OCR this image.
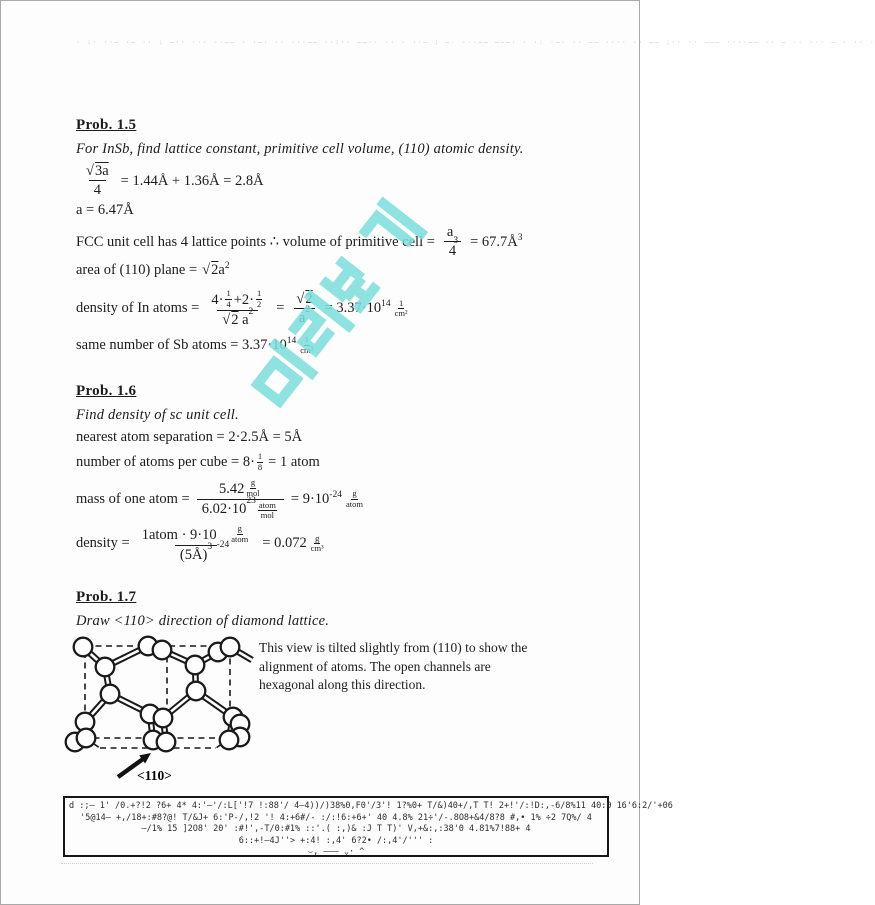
· :· ··– ·– ·· : –·· ··· ··–– · ·—· ·· ···–– ··:·· ––·· ·· · ··– : –· ···—— ——–· · ·: ·–· ·· –– ···· ·· –– :·· ·· ––– ····–– ·· – ·· ··· – · ·· ·
Prob. 1.5
For InSb, find lattice constant, primitive cell volume, (110) atomic density.
$\frac{√ 3a}{4}$ = 1.44Å + 1.36Å = 2.8Å
a = 6.47Å
FCC unit cell has 4 lattice points ∴ volume of primitive cell = a
3
$4 = 67.7Å^3$
area of (110) plane = $√2a^2$
density of In atoms = 4· 1
4 +2· 1
2
√ 2 a $2 = \frac{√ 2}{a 2} = 3.37\cdot 10^{14}$ 1
cm²
same number of Sb atoms = $3.37\cdot 10^{14}$ 1
cm²
Prob. 1.6
Find density of sc unit cell.
nearest atom separation = 2·2.5Å = 5Å
number of atoms per cube = $8\cdot \frac{1}{8} = 1$ atom
mass of one atom = 5.42 g
mol
6.02·10 23 atom
mol = $9\cdot 10^{-24}$ g
atom
density = 1atom · 9·10
-24
g
atom
(5Å) 3 = 0.072 g
cm³
Prob. 1.7
Draw <110> direction of diamond lattice.
<110>
This view is tilted slightly from (110) to show the
alignment of atoms. The open channels are
hexagonal along this direction.
d :;— 1' /0.+?!2 ?6+ 4* 4:'—'/:L['!7 !:88'/ 4—4))/)38%0,F0'/3'! 1?%0+ T/&)40+/,T T! 2+!'/:!D:,-6/8%11 40:0 16'6:2/'+06
'5@14— +,/18+:#8?@! T/&J+ 6:'P-/,!2 '! 4:+6#/- :/:!6:+6+' 40 4.8% 21÷'/-.8O8+&4/8?8 #,• 1% ÷2 7Q%/ 4
—/1% 15 ]2O8' 20' :#!',-T/0:#1% ::'.( :,)& :J T T)' V,+&:,:38'0 4.81%7!88+ 4
6::+!—4J''> +:4! :,4' 6?2• /:,4'/''' :
⌣‚ ——— ⌄· ^
